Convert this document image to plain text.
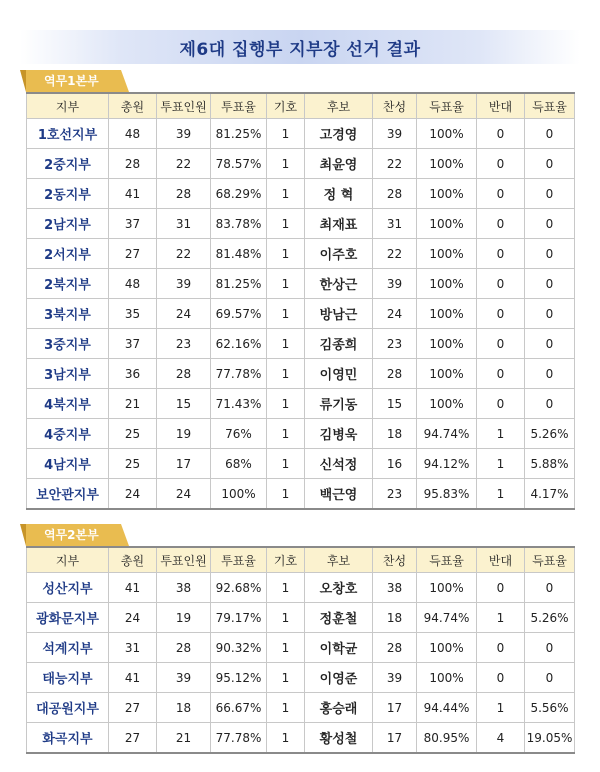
제6대 집행부 지부장 선거 결과
역무1본부
지부	총원	투표인원	투표율	기호	후보	찬성	득표율	반대	득표율
1호선지부	48	39	81.25%	1	고경영	39	100%	0	0
2중지부	28	22	78.57%	1	최윤영	22	100%	0	0
2동지부	41	28	68.29%	1	정 혁	28	100%	0	0
2남지부	37	31	83.78%	1	최재표	31	100%	0	0
2서지부	27	22	81.48%	1	이주호	22	100%	0	0
2북지부	48	39	81.25%	1	한상근	39	100%	0	0
3북지부	35	24	69.57%	1	방남근	24	100%	0	0
3중지부	37	23	62.16%	1	김종희	23	100%	0	0
3남지부	36	28	77.78%	1	이영민	28	100%	0	0
4북지부	21	15	71.43%	1	류기동	15	100%	0	0
4중지부	25	19	76%	1	김병욱	18	94.74%	1	5.26%
4남지부	25	17	68%	1	신석정	16	94.12%	1	5.88%
보안관지부	24	24	100%	1	백근영	23	95.83%	1	4.17%
역무2본부
지부	총원	투표인원	투표율	기호	후보	찬성	득표율	반대	득표율
성산지부	41	38	92.68%	1	오창호	38	100%	0	0
광화문지부	24	19	79.17%	1	정훈철	18	94.74%	1	5.26%
석계지부	31	28	90.32%	1	이학균	28	100%	0	0
태능지부	41	39	95.12%	1	이영준	39	100%	0	0
대공원지부	27	18	66.67%	1	홍승래	17	94.44%	1	5.56%
화곡지부	27	21	77.78%	1	황성철	17	80.95%	4	19.05%
